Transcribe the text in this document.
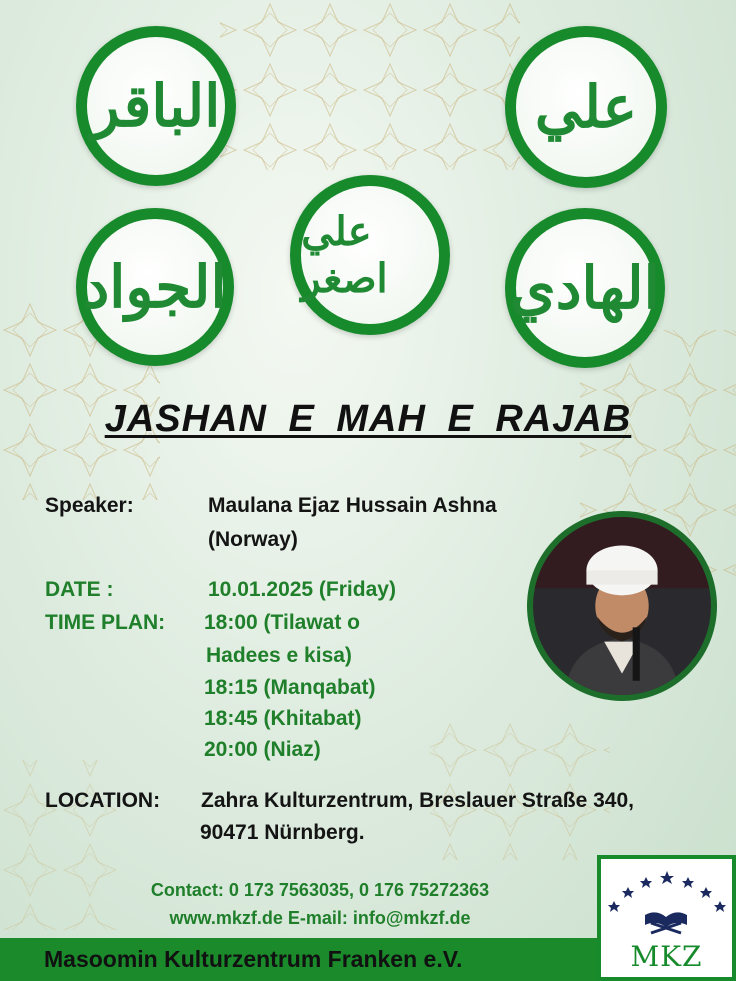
الباقر	علي
علي اصغر
الجواد	الهادي
JASHAN E MAH E RAJAB
Speaker:	Maulana Ejaz Hussain Ashna
(Norway)
DATE :	10.01.2025 (Friday)
TIME PLAN: 18:00 (Tilawat o
Hadees e kisa)
18:15 (Manqabat)
18:45 (Khitabat)
20:00 (Niaz)
LOCATION: Zahra Kulturzentrum, Breslauer Straße 340,
90471 Nürnberg.
Contact: 0 173 7563035, 0 176 75272363
www.mkzf.de E-mail: info@mkzf.de
Masoomin Kulturzentrum Franken e.V.	MKZ
